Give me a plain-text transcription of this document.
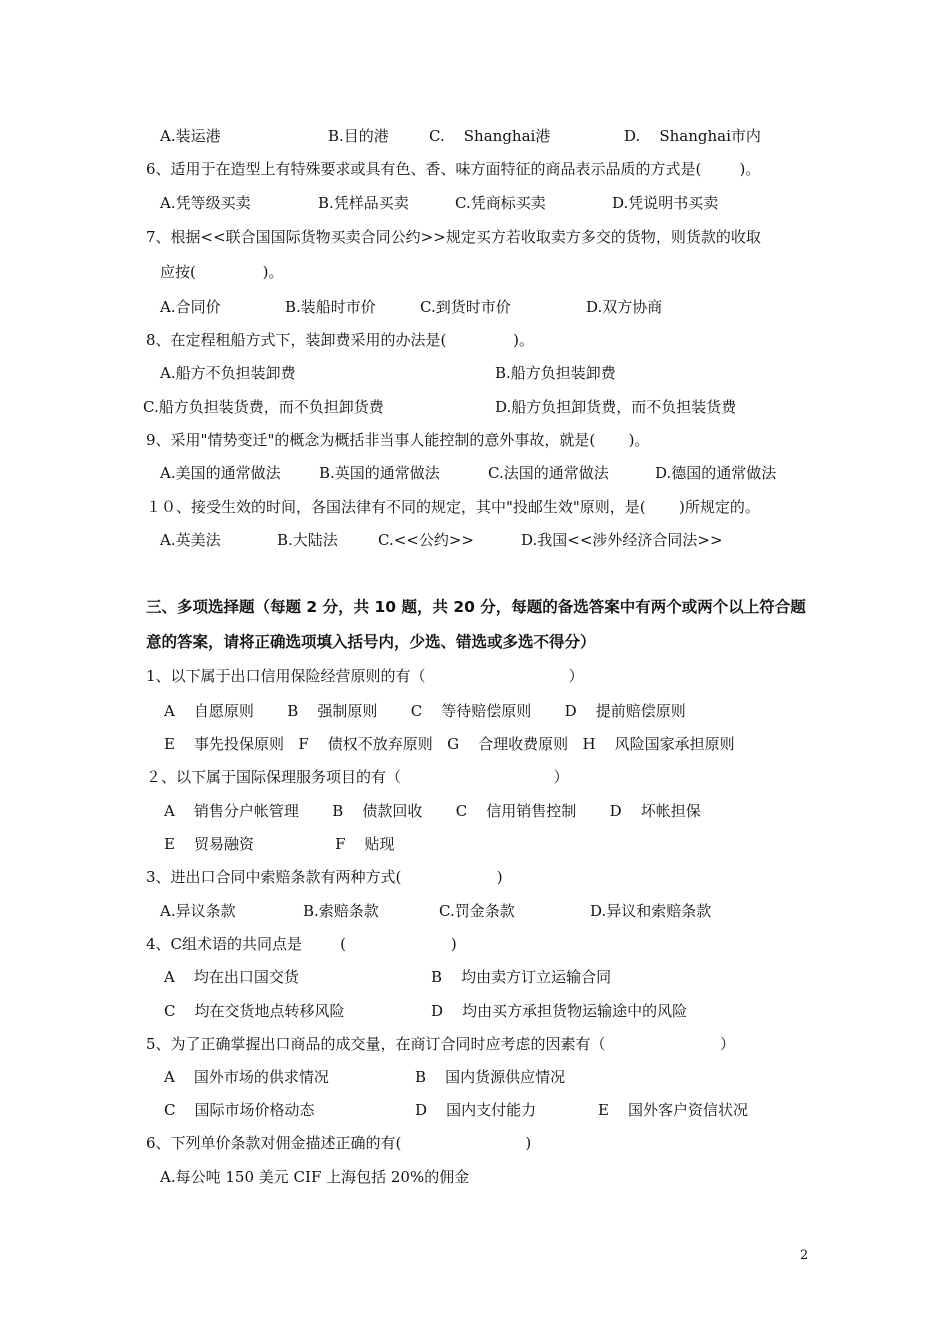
A.装运港	B.目的港	C.    Shanghai港	D.    Shanghai市内
6、适用于在造型上有特殊要求或具有色、香、味方面特征的商品表示品质的方式是(        )。
A.凭等级买卖	B.凭样品买卖	C.凭商标买卖	D.凭说明书买卖
7、根据<<联合国国际货物买卖合同公约>>规定买方若收取卖方多交的货物，则货款的收取
应按(              )。
A.合同价	B.装船时市价	C.到货时市价	D.双方协商
8、在定程租船方式下，装卸费采用的办法是(              )。
A.船方不负担装卸费	B.船方负担装卸费
C.船方负担装货费，而不负担卸货费	D.船方负担卸货费，而不负担装货费
9、采用"情势变迁"的概念为概括非当事人能控制的意外事故，就是(       )。
A.美国的通常做法	B.英国的通常做法	C.法国的通常做法	D.德国的通常做法
１０、接受生效的时间，各国法律有不同的规定，其中"投邮生效"原则，是(       )所规定的。
A.英美法	B.大陆法	C.<<公约>>	D.我国<<涉外经济合同法>>
三、多项选择题（每题 2 分，共 10 题，共 20 分，每题的备选答案中有两个或两个以上符合题
意的答案，请将正确选项填入括号内，少选、错选或多选不得分）
1、以下属于出口信用保险经营原则的有（                              ）
A    自愿原则       B    强制原则       C    等待赔偿原则       D    提前赔偿原则
E    事先投保原则   F    债权不放弃原则   G    合理收费原则   H    风险国家承担原则
２、以下属于国际保理服务项目的有（                                ）
A    销售分户帐管理       B    债款回收       C    信用销售控制       D    坏帐担保
E    贸易融资                 F    贴现
3、进出口合同中索赔条款有两种方式(                    )
A.异议条款	B.索赔条款	C.罚金条款	D.异议和索赔条款
4、C组术语的共同点是        (                      )
A    均在出口国交货	B    均由卖方订立运输合同
C    均在交货地点转移风险	D    均由买方承担货物运输途中的风险
5、为了正确掌握出口商品的成交量，在商订合同时应考虑的因素有（                        ）
A    国外市场的供求情况	B    国内货源供应情况
C    国际市场价格动态	D    国内支付能力	E    国外客户资信状况
6、下列单价条款对佣金描述正确的有(                          )
A.每公吨 150 美元 CIF 上海包括 20%的佣金
2
